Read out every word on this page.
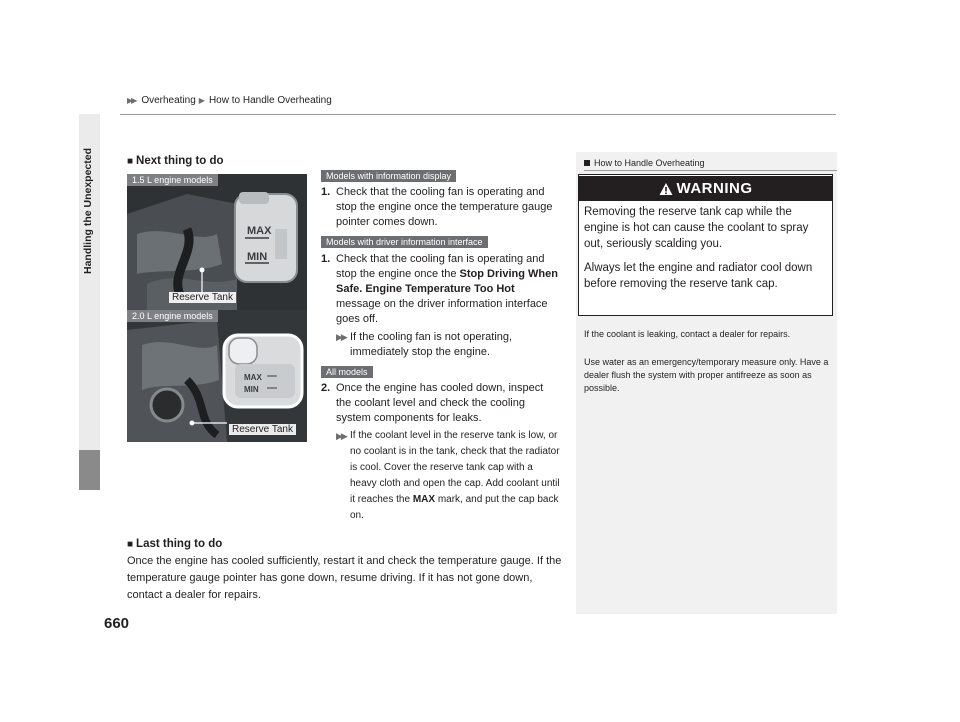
▶▶ Overheating ▶ How to Handle Overheating
Handling the Unexpected
660
■ Next thing to do
MAX
MIN
1.5 L engine models
Reserve Tank
MAX
MIN
2.0 L engine models
Reserve Tank
Models with information display
1. Check that the cooling fan is operating and stop the engine once the temperature gauge pointer comes down.
Models with driver information interface
1. Check that the cooling fan is operating and stop the engine once the Stop Driving When Safe. Engine Temperature Too Hot message on the driver information interface goes off.
▶▶ If the cooling fan is not operating, immediately stop the engine.
All models
2. Once the engine has cooled down, inspect the coolant level and check the cooling system components for leaks.
▶▶ If the coolant level in the reserve tank is low, or no coolant is in the tank, check that the radiator is cool. Cover the reserve tank cap with a heavy cloth and open the cap. Add coolant until it reaches the MAX mark, and put the cap back on.
■ Last thing to do
Once the engine has cooled sufficiently, restart it and check the temperature gauge. If the temperature gauge pointer has gone down, resume driving. If it has not gone down, contact a dealer for repairs.
How to Handle Overheating
WARNING
Removing the reserve tank cap while the engine is hot can cause the coolant to spray out, seriously scalding you.
Always let the engine and radiator cool down before removing the reserve tank cap.
If the coolant is leaking, contact a dealer for repairs.
Use water as an emergency/temporary measure only. Have a dealer flush the system with proper antifreeze as soon as possible.
